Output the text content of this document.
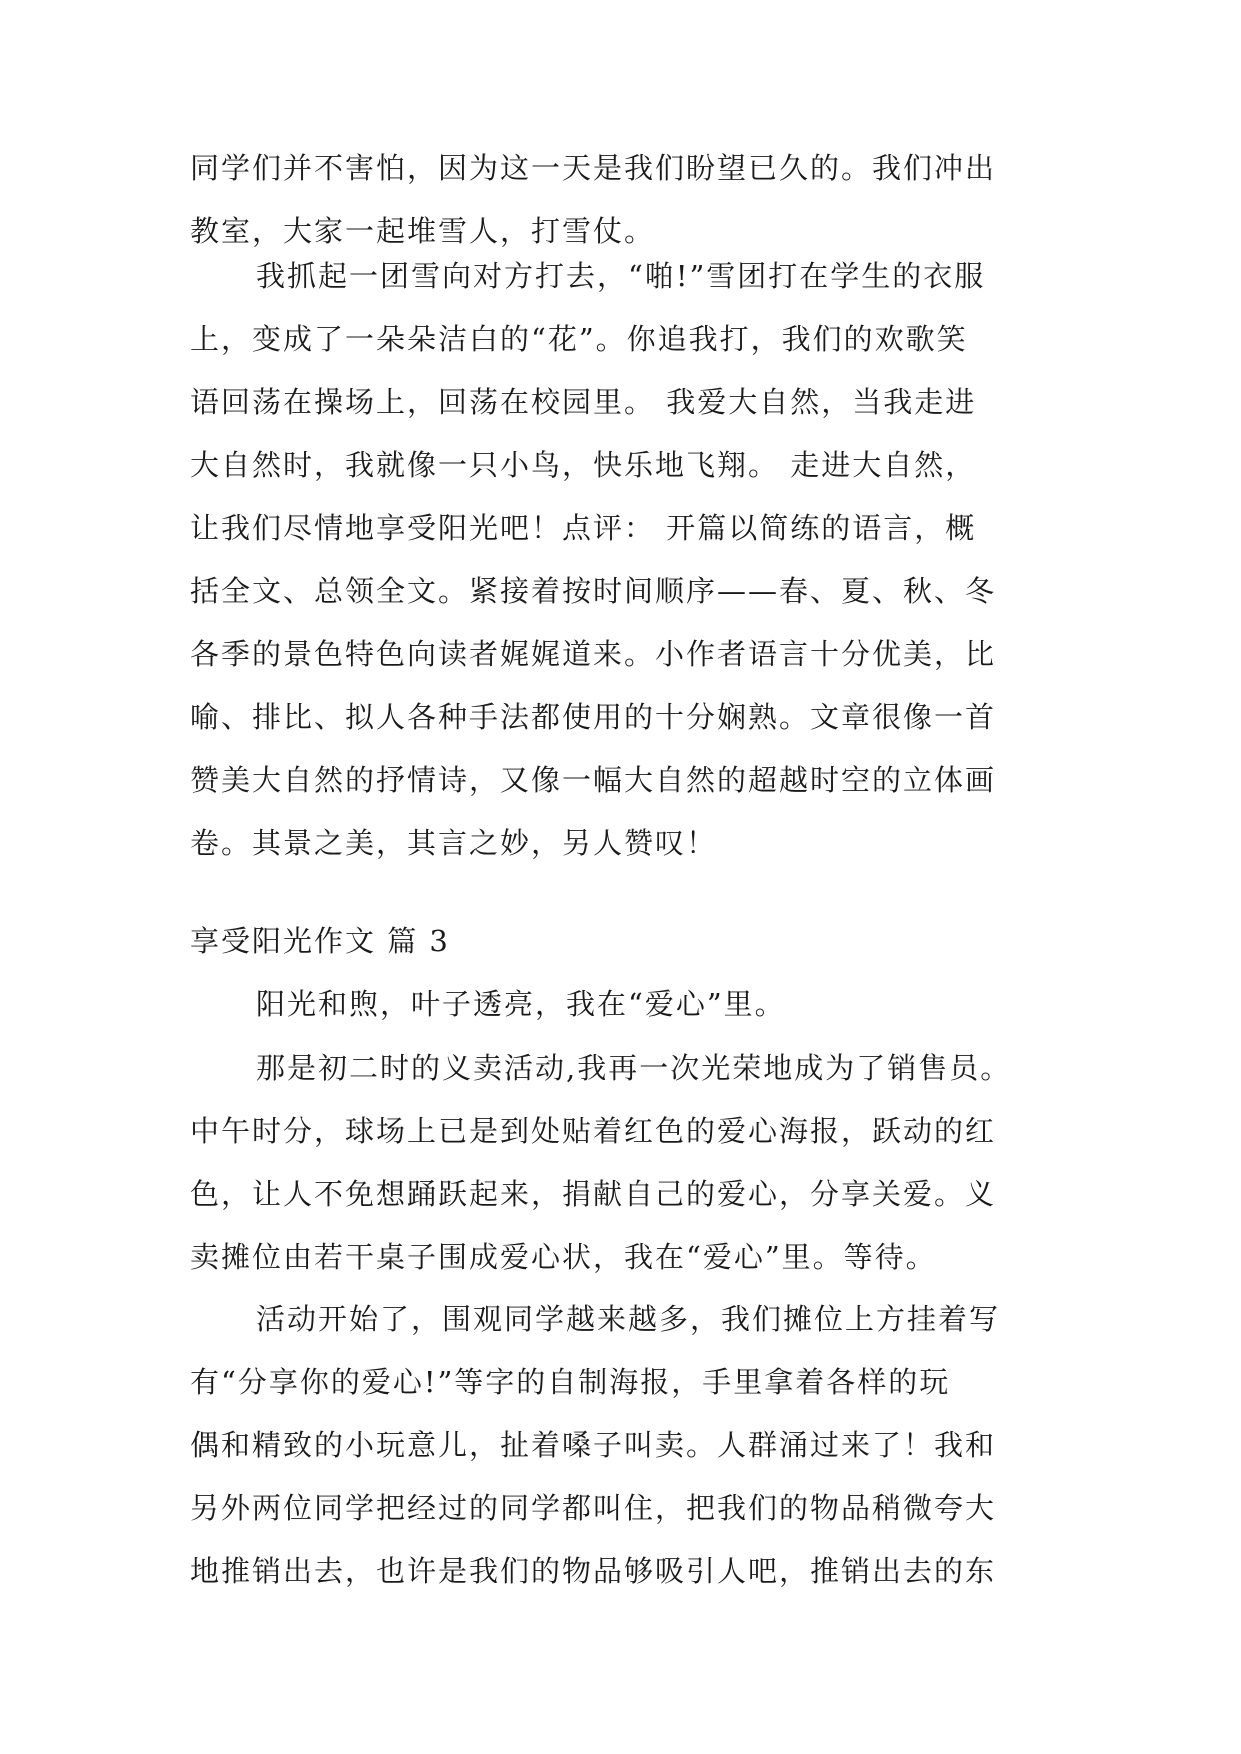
同学们并不害怕，因为这一天是我们盼望已久的。我们冲出
教室，大家一起堆雪人，打雪仗。
我抓起一团雪向对方打去，“啪!”雪团打在学生的衣服
上，变成了一朵朵洁白的“花”。你追我打，我们的欢歌笑
语回荡在操场上，回荡在校园里。 我爱大自然，当我走进
大自然时，我就像一只小鸟，快乐地飞翔。 走进大自然，
让我们尽情地享受阳光吧！点评： 开篇以简练的语言，概
括全文、总领全文。紧接着按时间顺序——春、夏、秋、冬
各季的景色特色向读者娓娓道来。小作者语言十分优美，比
喻、排比、拟人各种手法都使用的十分娴熟。文章很像一首
赞美大自然的抒情诗，又像一幅大自然的超越时空的立体画
卷。其景之美，其言之妙，另人赞叹！
享受阳光作文 篇 3
阳光和煦，叶子透亮，我在“爱心”里。
那是初二时的义卖活动,我再一次光荣地成为了销售员。
中午时分，球场上已是到处贴着红色的爱心海报，跃动的红
色，让人不免想踊跃起来，捐献自己的爱心，分享关爱。义
卖摊位由若干桌子围成爱心状，我在“爱心”里。等待。
活动开始了，围观同学越来越多，我们摊位上方挂着写
有“分享你的爱心!”等字的自制海报，手里拿着各样的玩
偶和精致的小玩意儿，扯着嗓子叫卖。人群涌过来了！我和
另外两位同学把经过的同学都叫住，把我们的物品稍微夸大
地推销出去，也许是我们的物品够吸引人吧，推销出去的东
